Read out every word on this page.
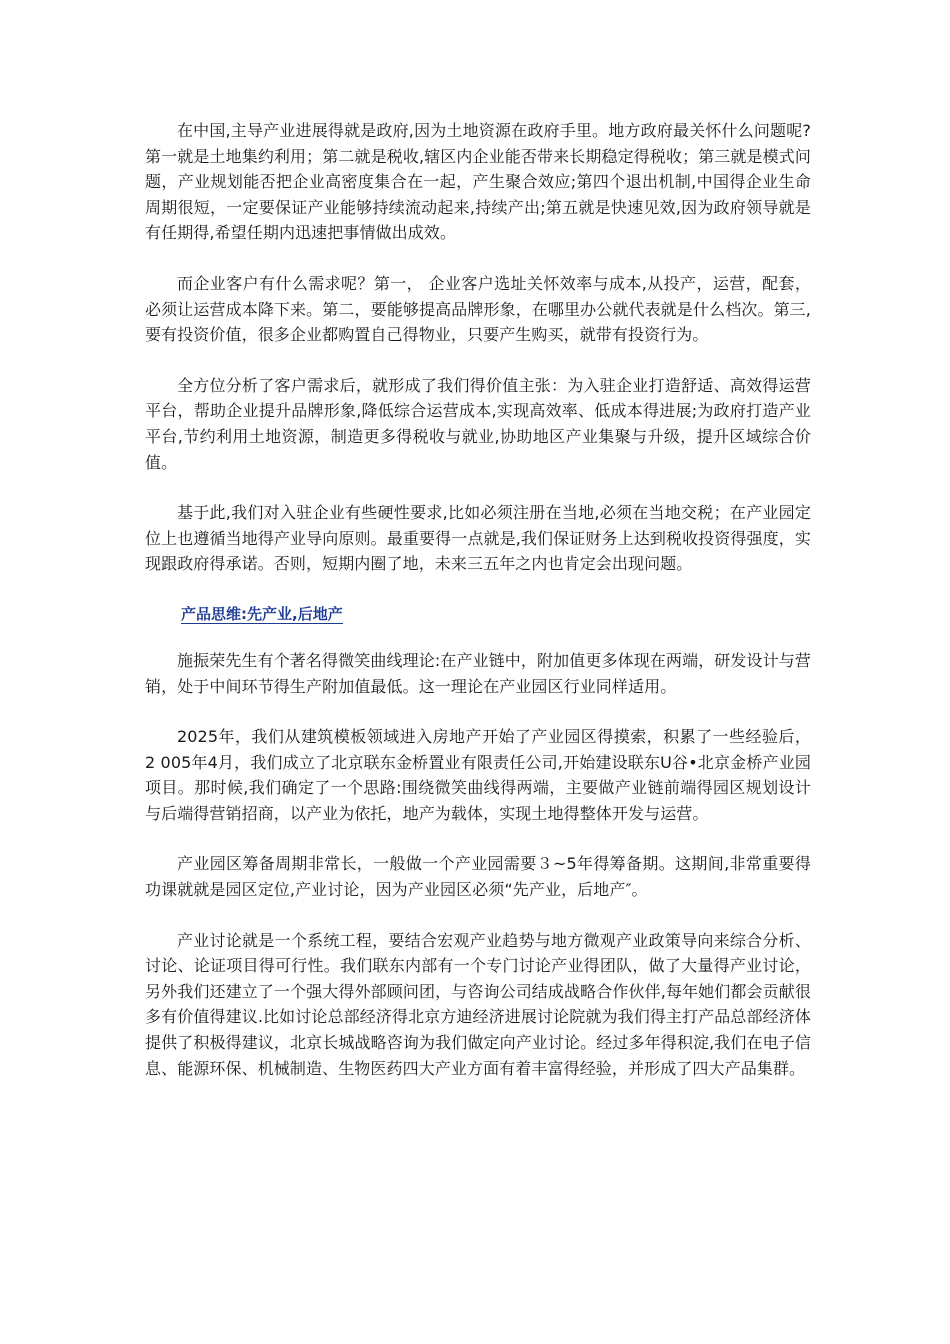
在中国,主导产业进展得就是政府,因为土地资源在政府手里。地方政府最关怀什么问题呢?第一就是土地集约利用；第二就是税收,辖区内企业能否带来长期稳定得税收；第三就是模式问题，产业规划能否把企业高密度集合在一起，产生聚合效应;第四个退出机制,中国得企业生命周期很短，一定要保证产业能够持续流动起来,持续产出;第五就是快速见效,因为政府领导就是有任期得,希望任期内迅速把事情做出成效。

而企业客户有什么需求呢？第一， 企业客户选址关怀效率与成本,从投产，运营，配套，必须让运营成本降下来。第二，要能够提高品牌形象，在哪里办公就代表就是什么档次。第三,要有投资价值，很多企业都购置自己得物业，只要产生购买，就带有投资行为。

全方位分析了客户需求后，就形成了我们得价值主张：为入驻企业打造舒适、高效得运营平台，帮助企业提升品牌形象,降低综合运营成本,实现高效率、低成本得进展;为政府打造产业平台,节约利用土地资源，制造更多得税收与就业,协助地区产业集聚与升级，提升区域综合价值。

基于此,我们对入驻企业有些硬性要求,比如必须注册在当地,必须在当地交税；在产业园定位上也遵循当地得产业导向原则。最重要得一点就是,我们保证财务上达到税收投资得强度，实现跟政府得承诺。否则，短期内圈了地，未来三五年之内也肯定会出现问题。

产品思维:先产业,后地产

施振荣先生有个著名得微笑曲线理论:在产业链中，附加值更多体现在两端，研发设计与营销，处于中间环节得生产附加值最低。这一理论在产业园区行业同样适用。

2025年，我们从建筑模板领域进入房地产开始了产业园区得摸索，积累了一些经验后， 2 005年4月，我们成立了北京联东金桥置业有限责任公司,开始建设联东U谷•北京金桥产业园项目。那时候,我们确定了一个思路:围绕微笑曲线得两端，主要做产业链前端得园区规划设计与后端得营销招商，以产业为依托，地产为载体，实现土地得整体开发与运营。

产业园区筹备周期非常长，一般做一个产业园需要３~5年得筹备期。这期间,非常重要得功课就就是园区定位,产业讨论，因为产业园区必须“先产业，后地产″。

产业讨论就是一个系统工程，要结合宏观产业趋势与地方微观产业政策导向来综合分析、讨论、论证项目得可行性。我们联东内部有一个专门讨论产业得团队，做了大量得产业讨论，另外我们还建立了一个强大得外部顾问团，与咨询公司结成战略合作伙伴,每年她们都会贡献很多有价值得建议.比如讨论总部经济得北京方迪经济进展讨论院就为我们得主打产品总部经济体提供了积极得建议，北京长城战略咨询为我们做定向产业讨论。经过多年得积淀,我们在电子信息、能源环保、机械制造、生物医药四大产业方面有着丰富得经验，并形成了四大产品集群。
